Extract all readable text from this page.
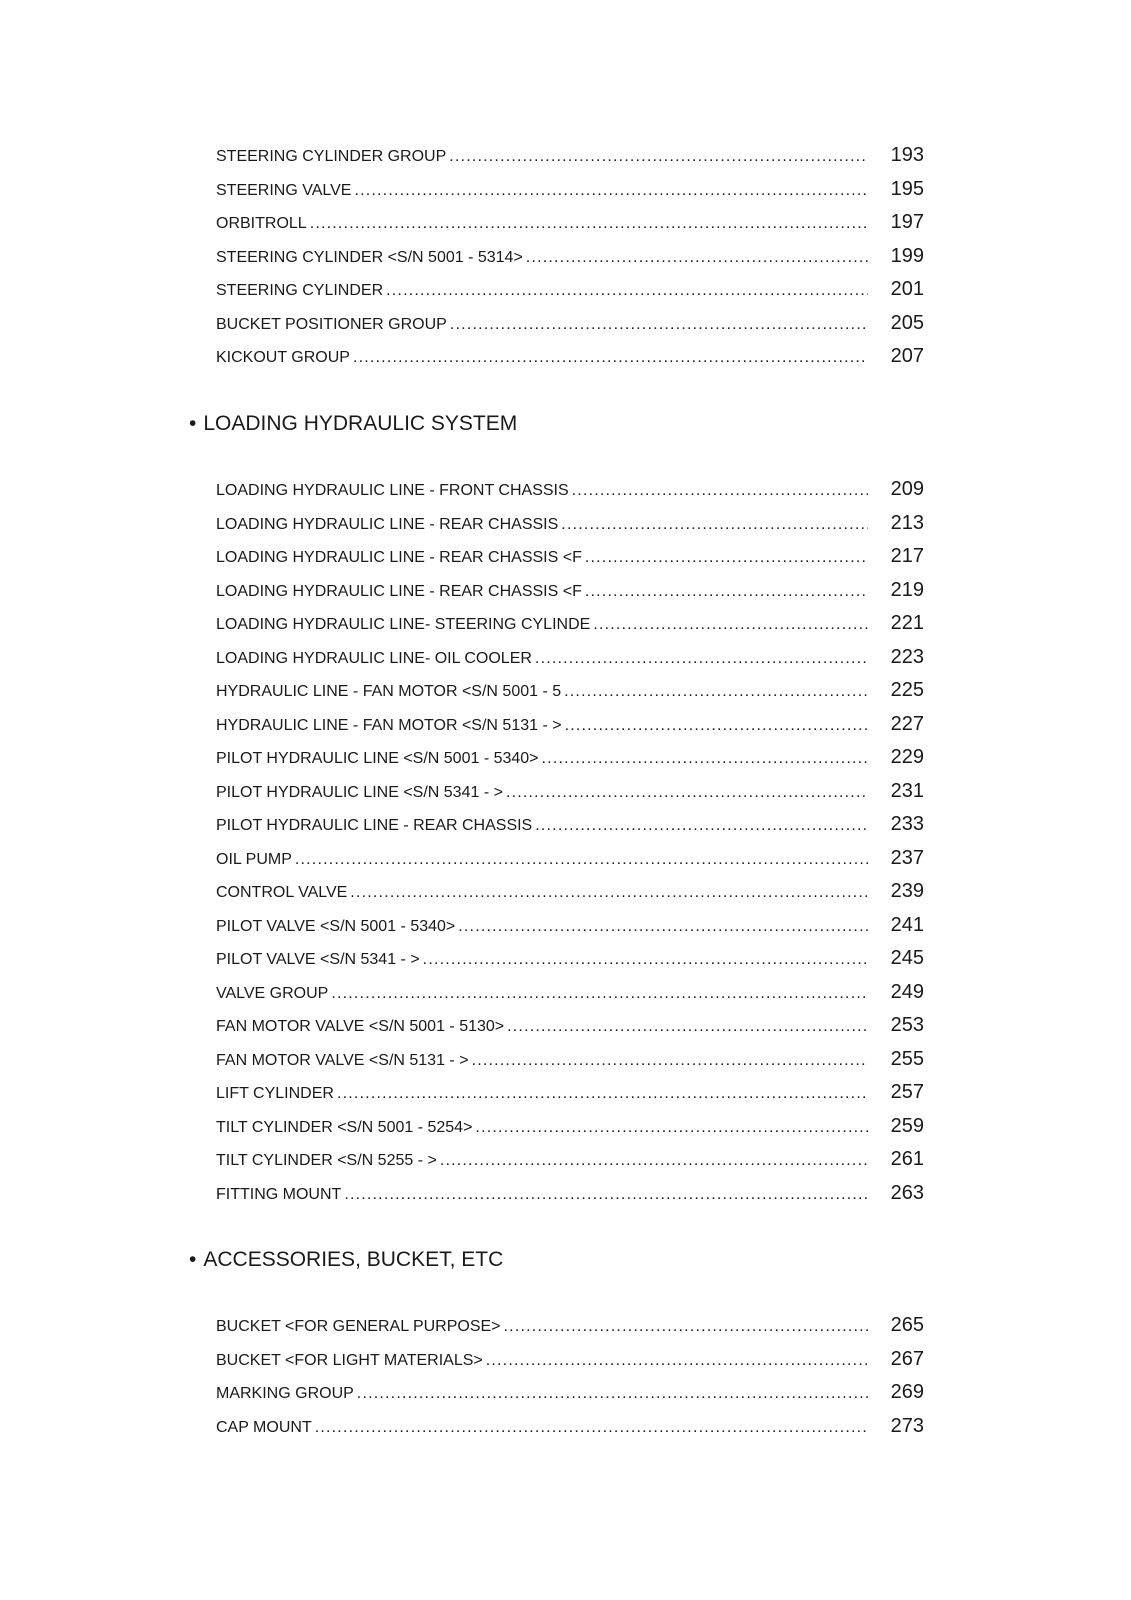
STEERING CYLINDER GROUP .....	193
STEERING VALVE .....	195
ORBITROLL .....	197
STEERING CYLINDER <S/N 5001 - 5314> .....	199
STEERING CYLINDER .....	201
BUCKET POSITIONER GROUP .....	205
KICKOUT GROUP .....	207
• LOADING HYDRAULIC SYSTEM
LOADING HYDRAULIC LINE - FRONT CHASSIS .....	209
LOADING HYDRAULIC LINE - REAR CHASSIS .....	213
LOADING HYDRAULIC LINE - REAR CHASSIS <F .....	217
LOADING HYDRAULIC LINE - REAR CHASSIS <F .....	219
LOADING HYDRAULIC LINE- STEERING CYLINDE .....	221
LOADING HYDRAULIC LINE- OIL COOLER .....	223
HYDRAULIC LINE - FAN MOTOR <S/N 5001 - 5 .....	225
HYDRAULIC LINE - FAN MOTOR <S/N 5131 - > .....	227
PILOT HYDRAULIC LINE <S/N 5001 - 5340> .....	229
PILOT HYDRAULIC LINE <S/N 5341 - > .....	231
PILOT HYDRAULIC LINE - REAR CHASSIS .....	233
OIL PUMP .....	237
CONTROL VALVE .....	239
PILOT VALVE <S/N 5001 - 5340> .....	241
PILOT VALVE <S/N 5341 - > .....	245
VALVE GROUP .....	249
FAN MOTOR VALVE <S/N 5001 - 5130> .....	253
FAN MOTOR VALVE <S/N 5131 - > .....	255
LIFT CYLINDER .....	257
TILT CYLINDER <S/N 5001 - 5254> .....	259
TILT CYLINDER <S/N 5255 - > .....	261
FITTING MOUNT .....	263
• ACCESSORIES, BUCKET, ETC
BUCKET <FOR GENERAL PURPOSE> .....	265
BUCKET <FOR LIGHT MATERIALS> .....	267
MARKING GROUP .....	269
CAP MOUNT .....	273
